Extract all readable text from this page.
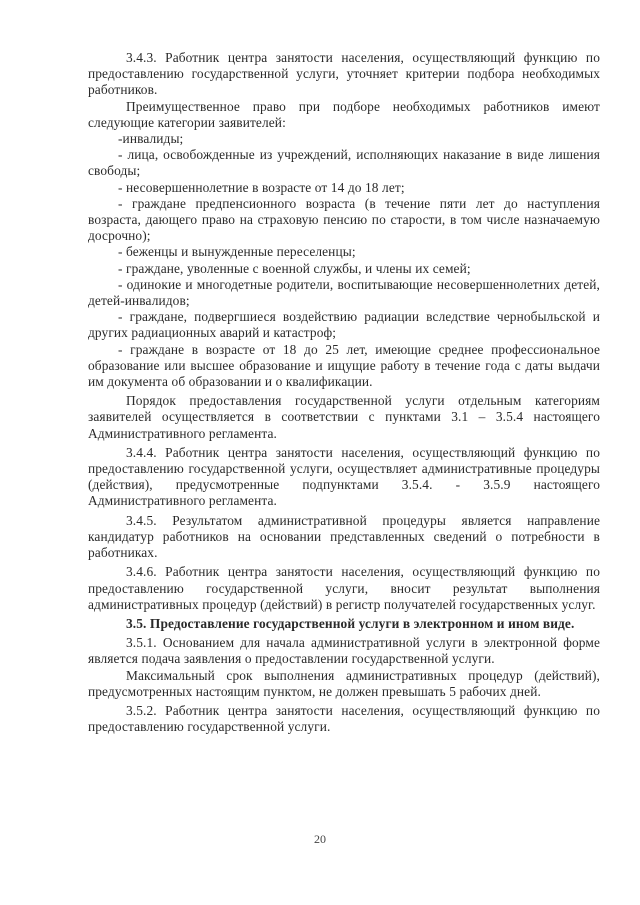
3.4.3. Работник центра занятости населения, осуществляющий функцию по предоставлению государственной услуги, уточняет критерии подбора необходимых работников.

Преимущественное право при подборе необходимых работников имеют следующие категории заявителей:

-инвалиды;

- лица, освобожденные из учреждений, исполняющих наказание в виде лишения свободы;

- несовершеннолетние в возрасте от 14 до 18 лет;

- граждане предпенсионного возраста (в течение пяти лет до наступления возраста, дающего право на страховую пенсию по старости, в том числе назначаемую досрочно);

- беженцы и вынужденные переселенцы;

- граждане, уволенные с военной службы, и члены их семей;

- одинокие и многодетные родители, воспитывающие несовершеннолетних детей, детей-инвалидов;

- граждане, подвергшиеся воздействию радиации вследствие чернобыльской и других радиационных аварий и катастроф;

- граждане в возрасте от 18 до 25 лет, имеющие среднее профессиональное образование или высшее образование и ищущие работу в течение года с даты выдачи им документа об образовании и о квалификации.

Порядок предоставления государственной услуги отдельным категориям заявителей осуществляется в соответствии с пунктами 3.1 – 3.5.4 настоящего Административного регламента.

3.4.4. Работник центра занятости населения, осуществляющий функцию по предоставлению государственной услуги, осуществляет административные процедуры (действия), предусмотренные подпунктами 3.5.4. - 3.5.9 настоящего Административного регламента.

3.4.5. Результатом административной процедуры является направление кандидатур работников на основании представленных сведений о потребности в работниках.

3.4.6. Работник центра занятости населения, осуществляющий функцию по предоставлению государственной услуги, вносит результат выполнения административных процедур (действий) в регистр получателей государственных услуг.

3.5. Предоставление государственной услуги в электронном и ином виде.

3.5.1. Основанием для начала административной услуги в электронной форме является подача заявления о предоставлении государственной услуги.

Максимальный срок выполнения административных процедур (действий), предусмотренных настоящим пунктом, не должен превышать 5 рабочих дней.

3.5.2. Работник центра занятости населения, осуществляющий функцию по предоставлению государственной услуги.

20
